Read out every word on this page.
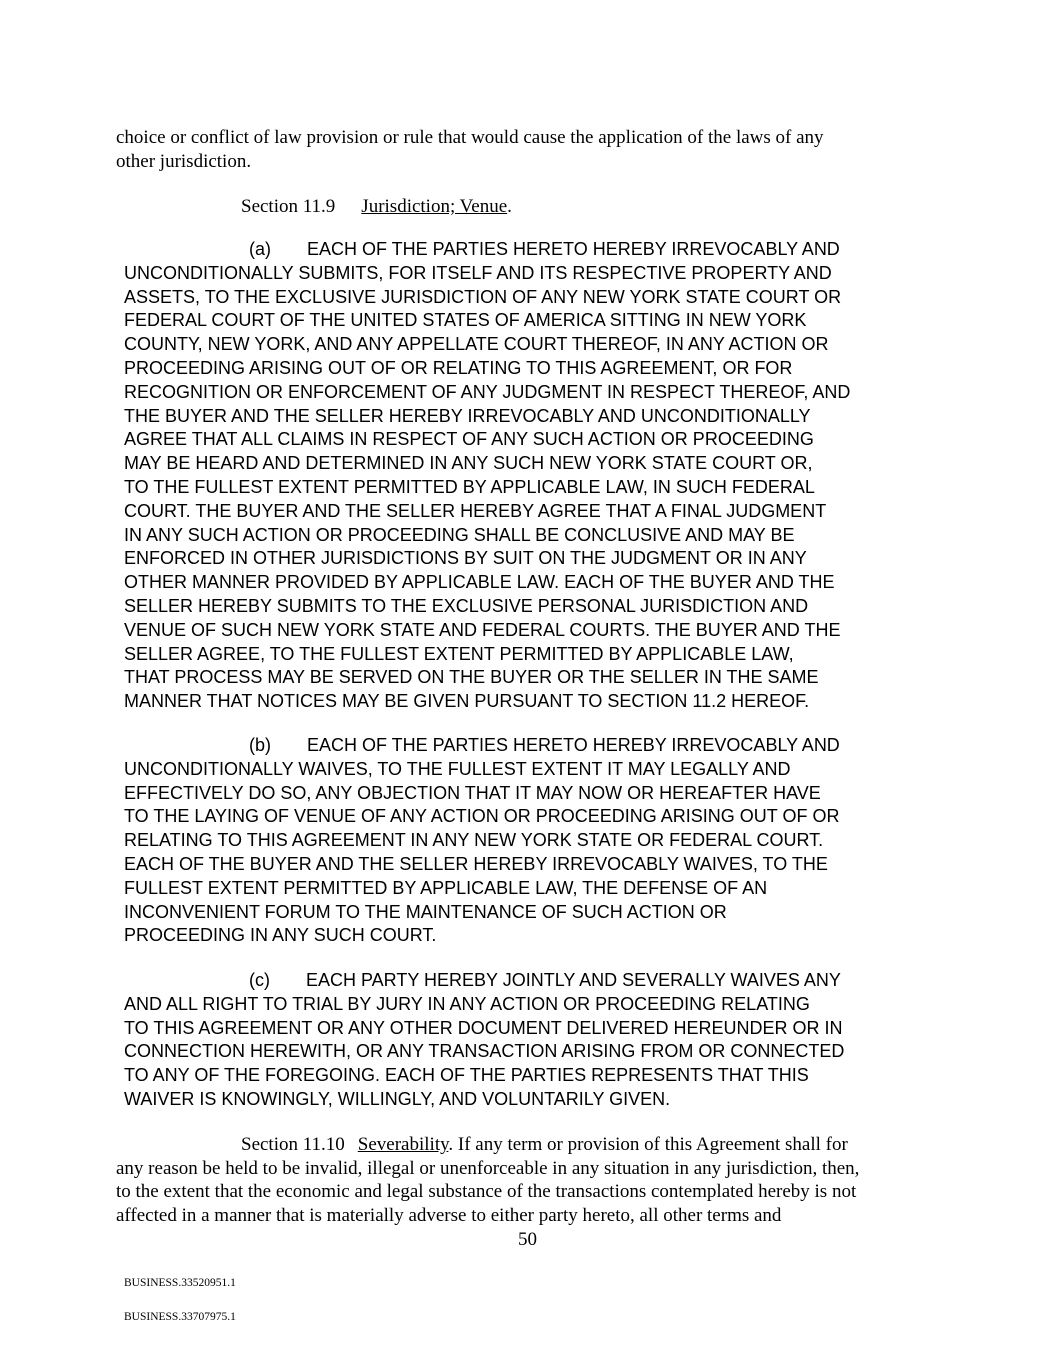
choice or conflict of law provision or rule that would cause the application of the laws of any
other jurisdiction.
Section 11.9 Jurisdiction; Venue.
(a) EACH OF THE PARTIES HERETO HEREBY IRREVOCABLY AND
UNCONDITIONALLY SUBMITS, FOR ITSELF AND ITS RESPECTIVE PROPERTY AND
ASSETS, TO THE EXCLUSIVE JURISDICTION OF ANY NEW YORK STATE COURT OR
FEDERAL COURT OF THE UNITED STATES OF AMERICA SITTING IN NEW YORK
COUNTY, NEW YORK, AND ANY APPELLATE COURT THEREOF, IN ANY ACTION OR
PROCEEDING ARISING OUT OF OR RELATING TO THIS AGREEMENT, OR FOR
RECOGNITION OR ENFORCEMENT OF ANY JUDGMENT IN RESPECT THEREOF, AND
THE BUYER AND THE SELLER HEREBY IRREVOCABLY AND UNCONDITIONALLY
AGREE THAT ALL CLAIMS IN RESPECT OF ANY SUCH ACTION OR PROCEEDING
MAY BE HEARD AND DETERMINED IN ANY SUCH NEW YORK STATE COURT OR,
TO THE FULLEST EXTENT PERMITTED BY APPLICABLE LAW, IN SUCH FEDERAL
COURT. THE BUYER AND THE SELLER HEREBY AGREE THAT A FINAL JUDGMENT
IN ANY SUCH ACTION OR PROCEEDING SHALL BE CONCLUSIVE AND MAY BE
ENFORCED IN OTHER JURISDICTIONS BY SUIT ON THE JUDGMENT OR IN ANY
OTHER MANNER PROVIDED BY APPLICABLE LAW. EACH OF THE BUYER AND THE
SELLER HEREBY SUBMITS TO THE EXCLUSIVE PERSONAL JURISDICTION AND
VENUE OF SUCH NEW YORK STATE AND FEDERAL COURTS. THE BUYER AND THE
SELLER AGREE, TO THE FULLEST EXTENT PERMITTED BY APPLICABLE LAW,
THAT PROCESS MAY BE SERVED ON THE BUYER OR THE SELLER IN THE SAME
MANNER THAT NOTICES MAY BE GIVEN PURSUANT TO SECTION 11.2 HEREOF.
(b) EACH OF THE PARTIES HERETO HEREBY IRREVOCABLY AND
UNCONDITIONALLY WAIVES, TO THE FULLEST EXTENT IT MAY LEGALLY AND
EFFECTIVELY DO SO, ANY OBJECTION THAT IT MAY NOW OR HEREAFTER HAVE
TO THE LAYING OF VENUE OF ANY ACTION OR PROCEEDING ARISING OUT OF OR
RELATING TO THIS AGREEMENT IN ANY NEW YORK STATE OR FEDERAL COURT.
EACH OF THE BUYER AND THE SELLER HEREBY IRREVOCABLY WAIVES, TO THE
FULLEST EXTENT PERMITTED BY APPLICABLE LAW, THE DEFENSE OF AN
INCONVENIENT FORUM TO THE MAINTENANCE OF SUCH ACTION OR
PROCEEDING IN ANY SUCH COURT.
(c) EACH PARTY HEREBY JOINTLY AND SEVERALLY WAIVES ANY
AND ALL RIGHT TO TRIAL BY JURY IN ANY ACTION OR PROCEEDING RELATING
TO THIS AGREEMENT OR ANY OTHER DOCUMENT DELIVERED HEREUNDER OR IN
CONNECTION HEREWITH, OR ANY TRANSACTION ARISING FROM OR CONNECTED
TO ANY OF THE FOREGOING. EACH OF THE PARTIES REPRESENTS THAT THIS
WAIVER IS KNOWINGLY, WILLINGLY, AND VOLUNTARILY GIVEN.
Section 11.10 Severability. If any term or provision of this Agreement shall for
any reason be held to be invalid, illegal or unenforceable in any situation in any jurisdiction, then,
to the extent that the economic and legal substance of the transactions contemplated hereby is not
affected in a manner that is materially adverse to either party hereto, all other terms and
50
BUSINESS.33520951.1
BUSINESS.33707975.1
